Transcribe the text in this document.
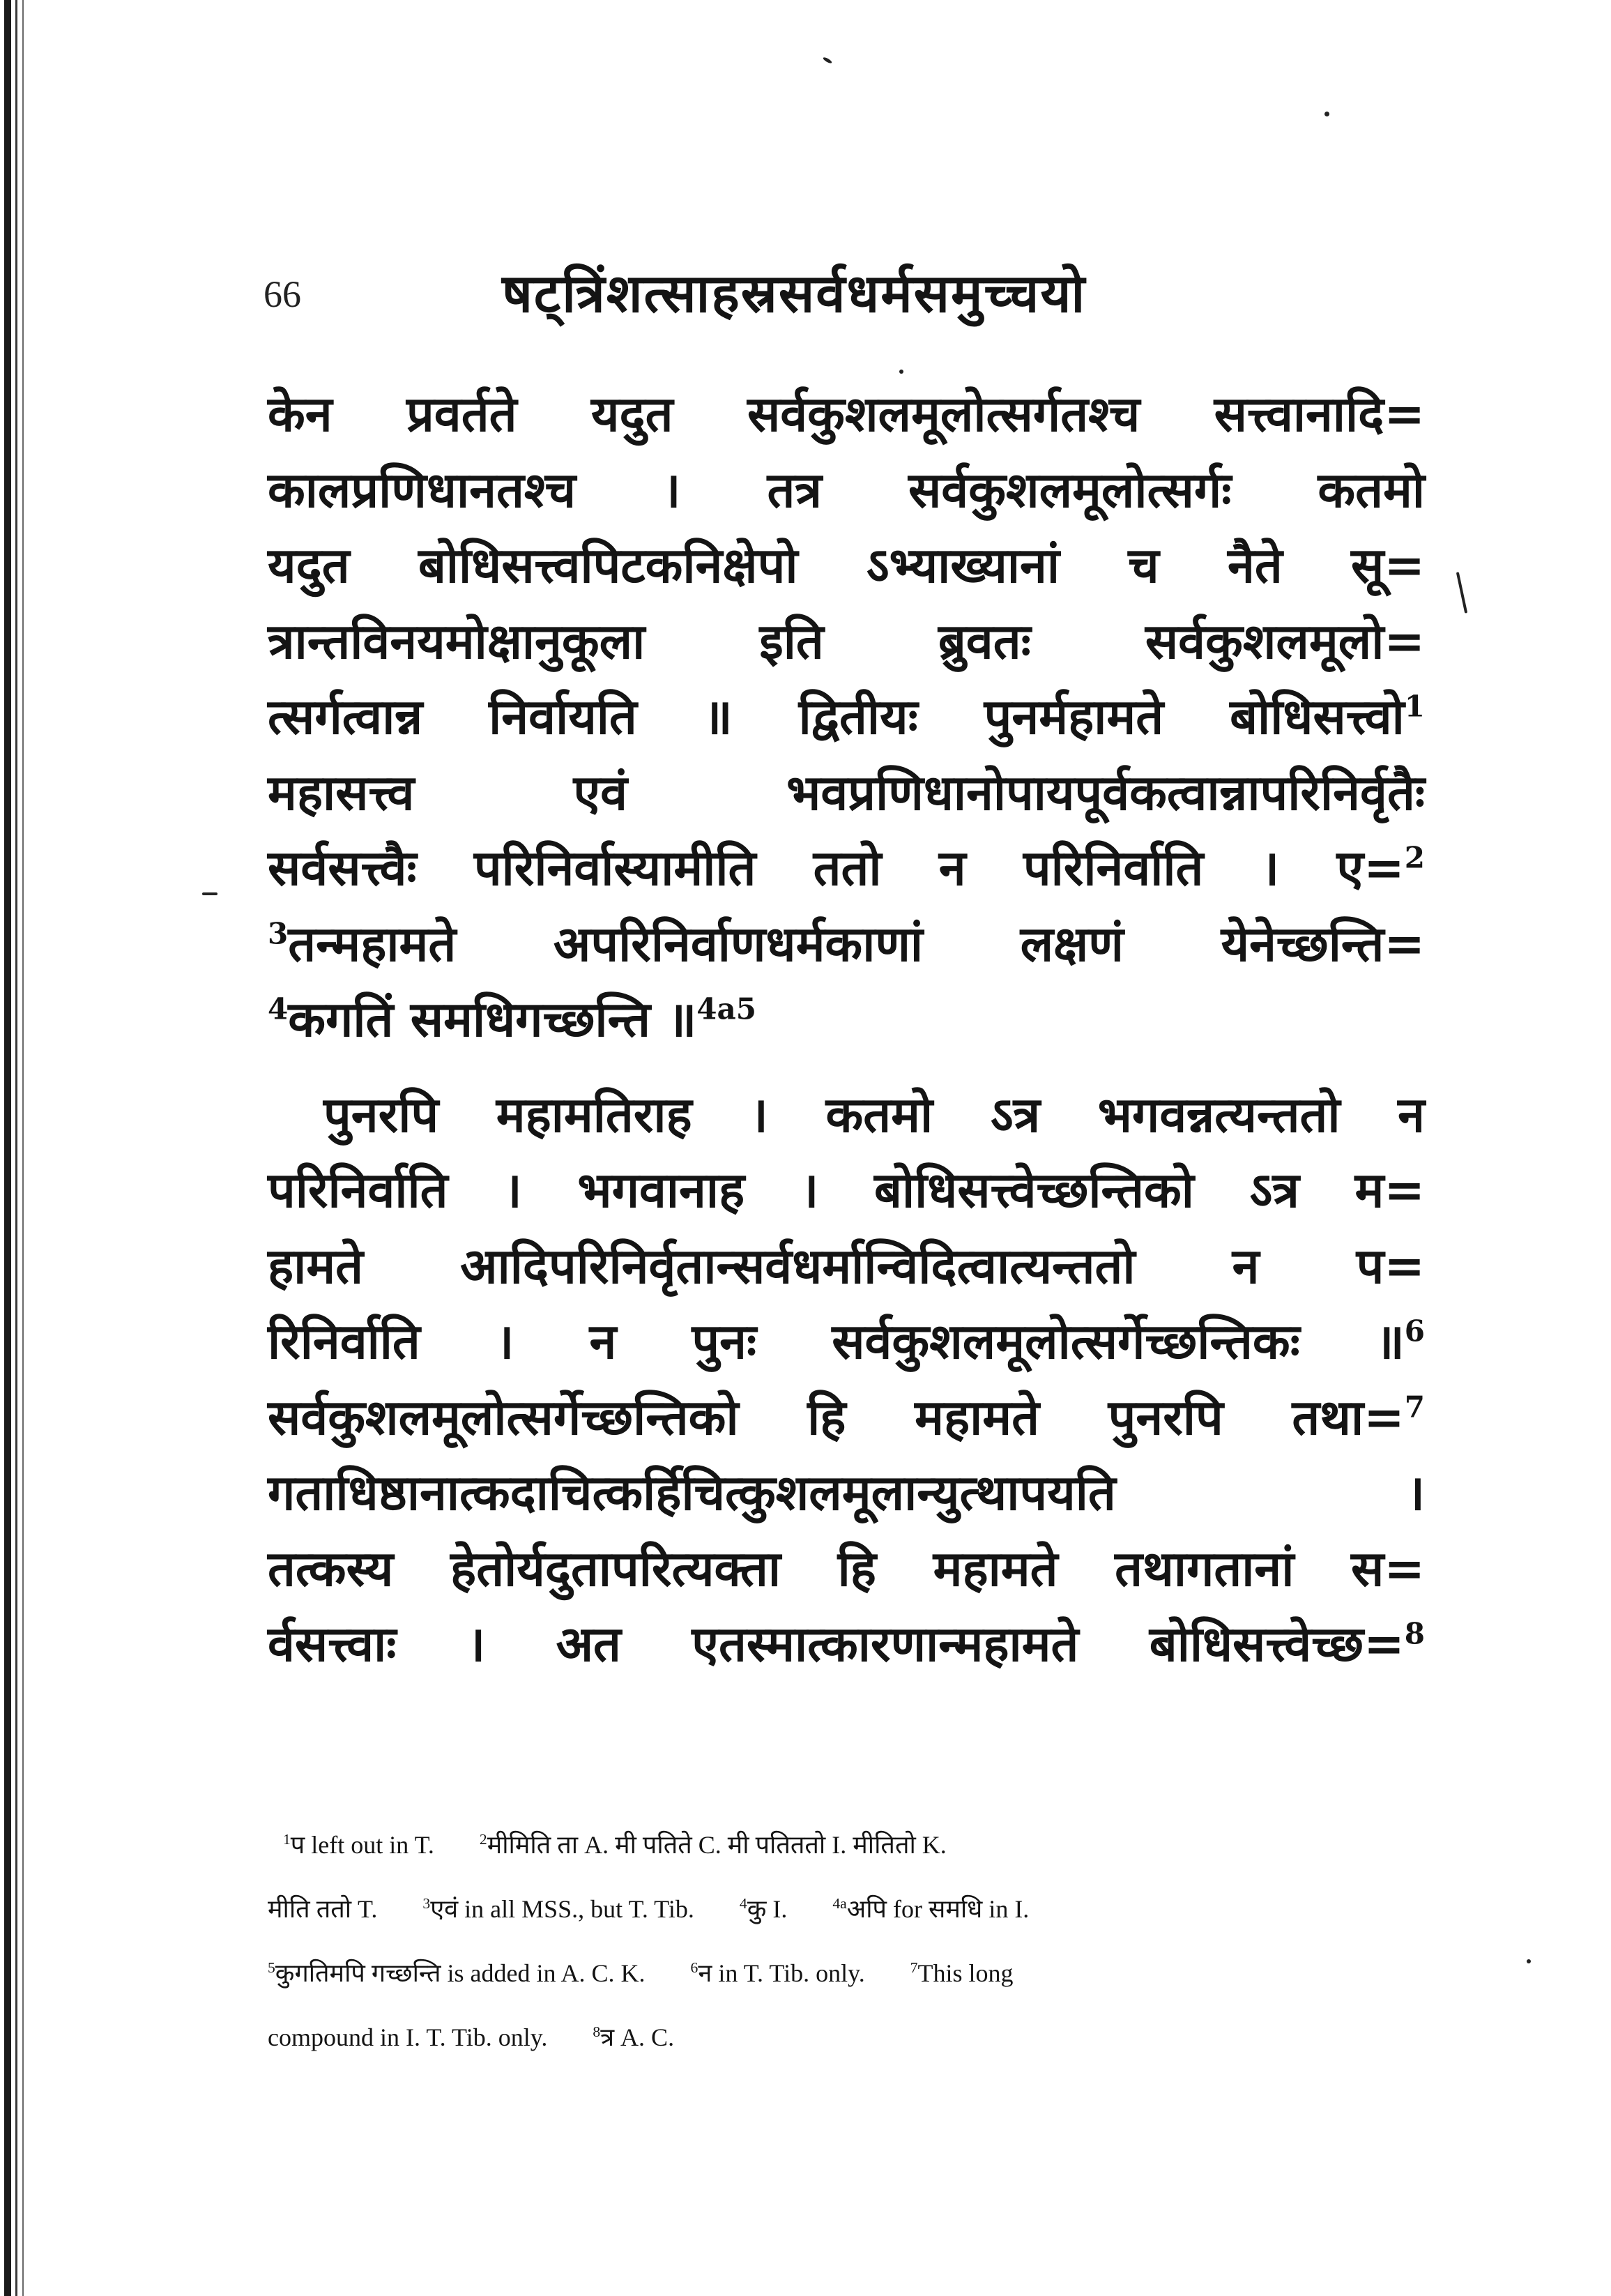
66	षट्त्रिंशत्साहस्रसर्वधर्मसमुच्चयो
केन प्रवर्तते यदुत सर्वकुशलमूलोत्सर्गतश्च सत्त्वानादि=
कालप्रणिधानतश्च । तत्र सर्वकुशलमूलोत्सर्गः कतमो
यदुत बोधिसत्त्वपिटकनिक्षेपो ऽभ्याख्यानां च नैते सू=
त्रान्तविनयमोक्षानुकूला इति ब्रुवतः सर्वकुशलमूलो=
त्सर्गत्वान्न निर्वायति ॥ द्वितीयः पुनर्महामते बोधिसत्त्वो$^1$
महासत्त्व एवं भवप्रणिधानोपायपूर्वकत्वान्नापरिनिर्वृतैः
सर्वसत्त्वैः परिनिर्वास्यामीति ततो न परिनिर्वाति । ए=$^2$
$^3$तन्महामते अपरिनिर्वाणधर्मकाणां लक्षणं येनेच्छन्ति=
$^4$कगतिं समधिगच्छन्ति ॥$^{4a5}$
पुनरपि महामतिराह । कतमो ऽत्र भगवन्नत्यन्ततो न
परिनिर्वाति । भगवानाह । बोधिसत्त्वेच्छन्तिको ऽत्र म=
हामते आदिपरिनिर्वृतान्सर्वधर्मान्विदित्वात्यन्ततो न प=
रिनिर्वाति । न पुनः सर्वकुशलमूलोत्सर्गेच्छन्तिकः ॥$^6$
सर्वकुशलमूलोत्सर्गेच्छन्तिको हि महामते पुनरपि तथा=$^7$
गताधिष्ठानात्कदाचित्कर्हिचित्कुशलमूलान्युत्थापयति ।
तत्कस्य हेतोर्यदुतापरित्यक्ता हि महामते तथागतानां स=
र्वसत्त्वाः । अत एतस्मात्कारणान्महामते बोधिसत्त्वेच्छ=$^8$
$^1$प left out in T.	$^2$मीमिति ता A. मी पतिते C. मी पतिततो I. मीतितो K.
मीति ततो T.	$^3$एवं in all MSS., but T. Tib.	$^4$कु I.	$^{4a}$अपि for समधि in I.
$^5$कुगतिमपि गच्छन्ति is added in A. C. K.	$^6$न in T. Tib. only.	$^7$This long
compound in I. T. Tib. only.	$^8$त्र A. C.
